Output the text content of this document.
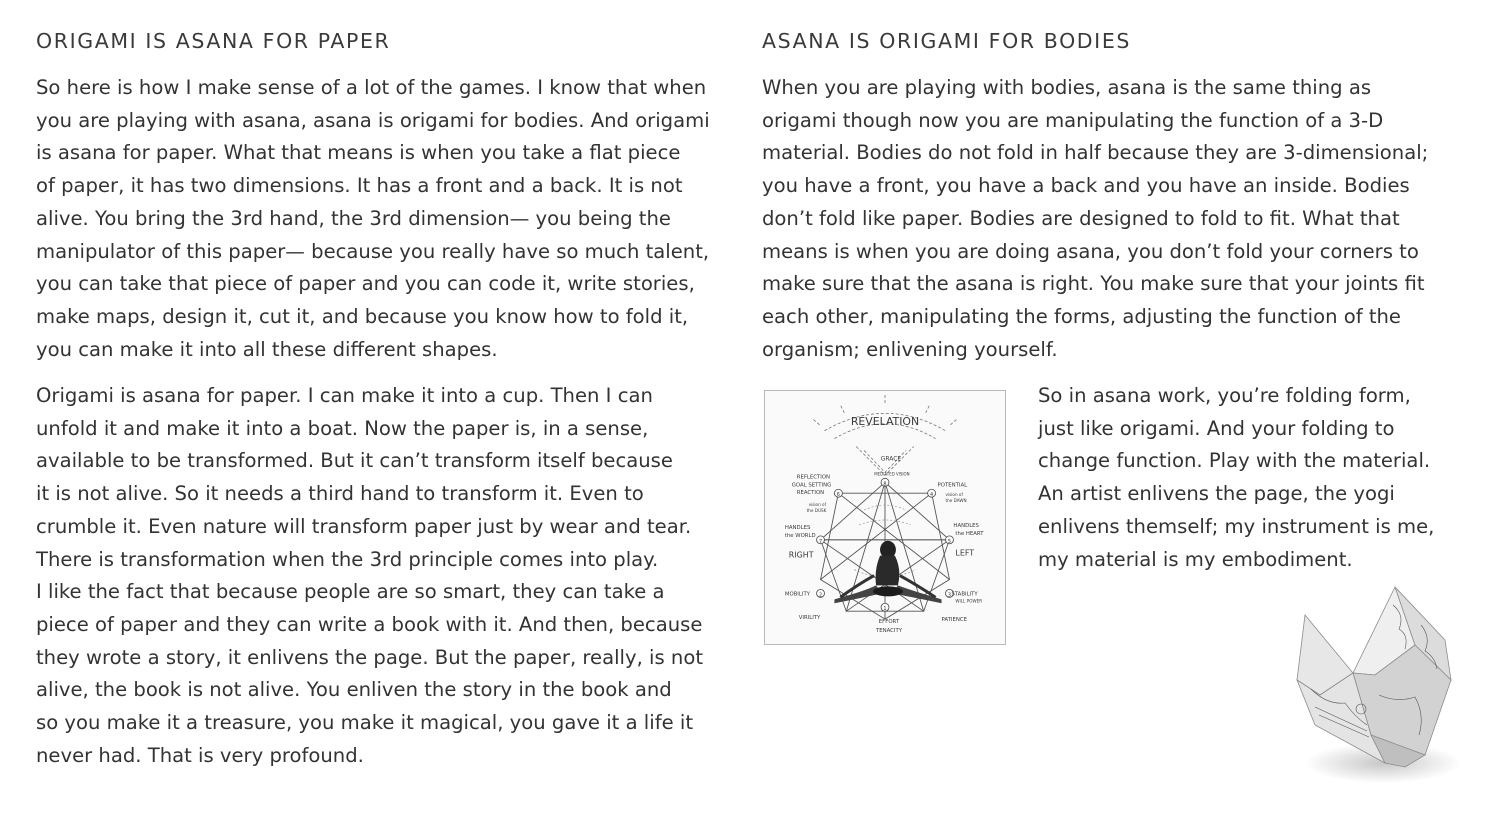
ORIGAMI IS ASANA FOR PAPER

So here is how I make sense of a lot of the games. I know that when
you are playing with asana, asana is origami for bodies. And origami
is asana for paper. What that means is when you take a flat piece
of paper, it has two dimensions. It has a front and a back. It is not
alive. You bring the 3rd hand, the 3rd dimension— you being the
manipulator of this paper— because you really have so much talent,
you can take that piece of paper and you can code it, write stories,
make maps, design it, cut it, and because you know how to fold it,
you can make it into all these different shapes.

Origami is asana for paper. I can make it into a cup. Then I can
unfold it and make it into a boat. Now the paper is, in a sense,
available to be transformed. But it can’t transform itself because
it is not alive. So it needs a third hand to transform it. Even to
crumble it. Even nature will transform paper just by wear and tear.
There is transformation when the 3rd principle comes into play.
I like the fact that because people are so smart, they can take a
piece of paper and they can write a book with it. And then, because
they wrote a story, it enlivens the page. But the paper, really, is not
alive, the book is not alive. You enliven the story in the book and
so you make it a treasure, you make it magical, you gave it a life it
never had. That is very profound.

ASANA IS ORIGAMI FOR BODIES

When you are playing with bodies, asana is the same thing as
origami though now you are manipulating the function of a 3-D
material. Bodies do not fold in half because they are 3-dimensional;
you have a front, you have a back and you have an inside. Bodies
don’t fold like paper. Bodies are designed to fold to fit. What that
means is when you are doing asana, you don’t fold your corners to
make sure that the asana is right. You make sure that your joints fit
each other, manipulating the forms, adjusting the function of the
organism; enlivening yourself.

So in asana work, you’re folding form,
just like origami. And your folding to
change function. Play with the material.
An artist enlivens the page, the yogi
enlivens themself; my instrument is me,
my material is my embodiment.

REVELATION
GRACE
MEDIATED VISION
1
2	3
4
5
6
7
8
REFLECTION
GOAL SETTING
REACTION
vision of
the DUSK
HANDLES
the WORLD
RIGHT
MOBILITY
VIRILITY
POTENTIAL
vision of
the DAWN
HANDLES
the HEART
LEFT
STABILITY
WILL POWER
PATIENCE
EFFORT
TENACITY
